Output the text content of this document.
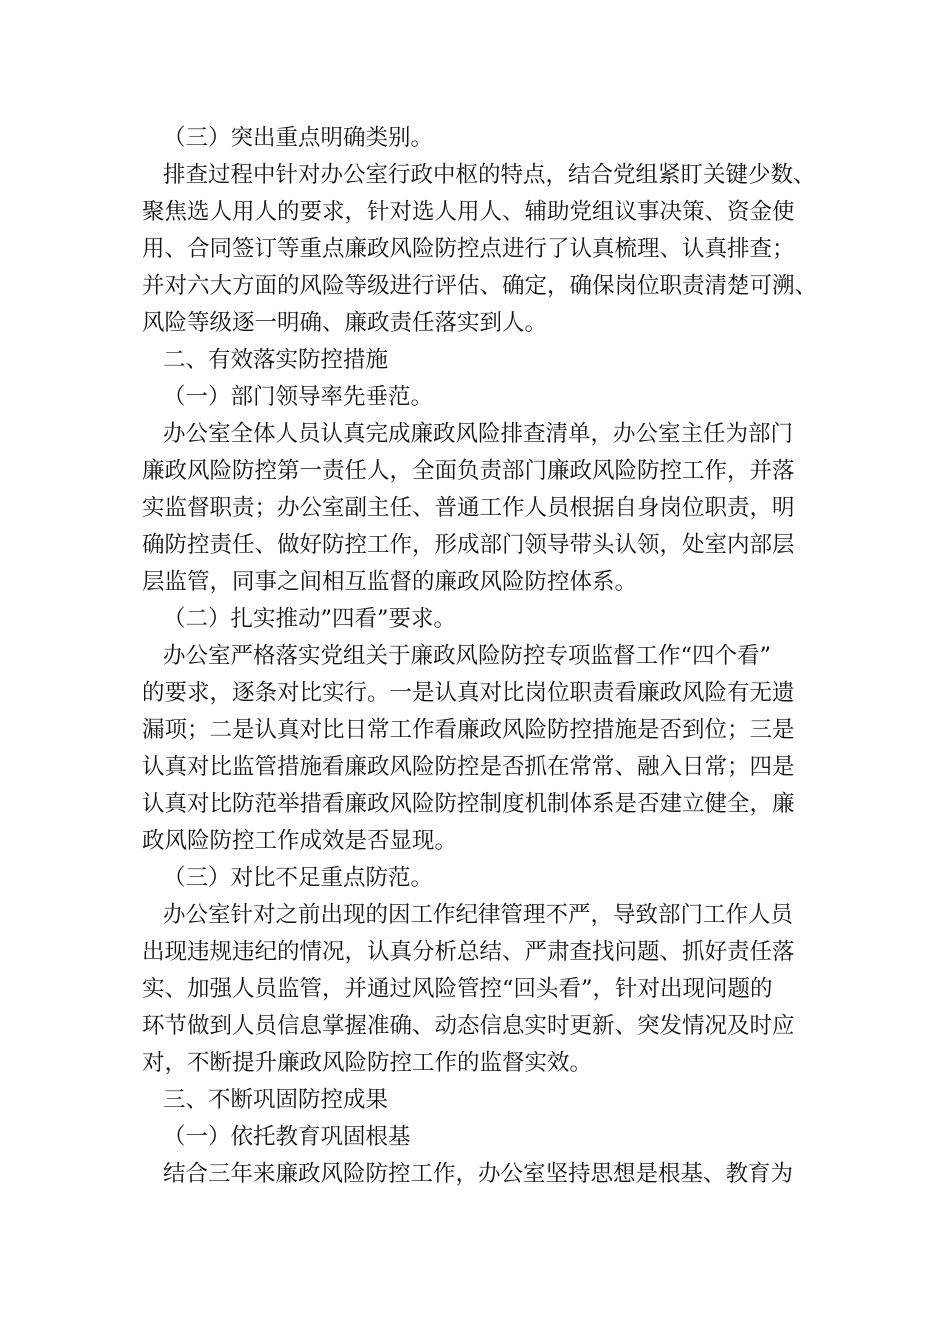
（三）突出重点明确类别。
排查过程中针对办公室行政中枢的特点，结合党组紧盯关键少数、
聚焦选人用人的要求，针对选人用人、辅助党组议事决策、资金使
用、合同签订等重点廉政风险防控点进行了认真梳理、认真排查；
并对六大方面的风险等级进行评估、确定，确保岗位职责清楚可溯、
风险等级逐一明确、廉政责任落实到人。
二、有效落实防控措施
（一）部门领导率先垂范。
办公室全体人员认真完成廉政风险排查清单，办公室主任为部门
廉政风险防控第一责任人，全面负责部门廉政风险防控工作，并落
实监督职责；办公室副主任、普通工作人员根据自身岗位职责，明
确防控责任、做好防控工作，形成部门领导带头认领，处室内部层
层监管，同事之间相互监督的廉政风险防控体系。
（二）扎实推动”四看”要求。
办公室严格落实党组关于廉政风险防控专项监督工作“四个看”
的要求，逐条对比实行。一是认真对比岗位职责看廉政风险有无遗
漏项；二是认真对比日常工作看廉政风险防控措施是否到位；三是
认真对比监管措施看廉政风险防控是否抓在常常、融入日常；四是
认真对比防范举措看廉政风险防控制度机制体系是否建立健全，廉
政风险防控工作成效是否显现。
（三）对比不足重点防范。
办公室针对之前出现的因工作纪律管理不严，导致部门工作人员
出现违规违纪的情况，认真分析总结、严肃查找问题、抓好责任落
实、加强人员监管，并通过风险管控“回头看”，针对出现问题的
环节做到人员信息掌握准确、动态信息实时更新、突发情况及时应
对，不断提升廉政风险防控工作的监督实效。
三、不断巩固防控成果
（一）依托教育巩固根基
结合三年来廉政风险防控工作，办公室坚持思想是根基、教育为
